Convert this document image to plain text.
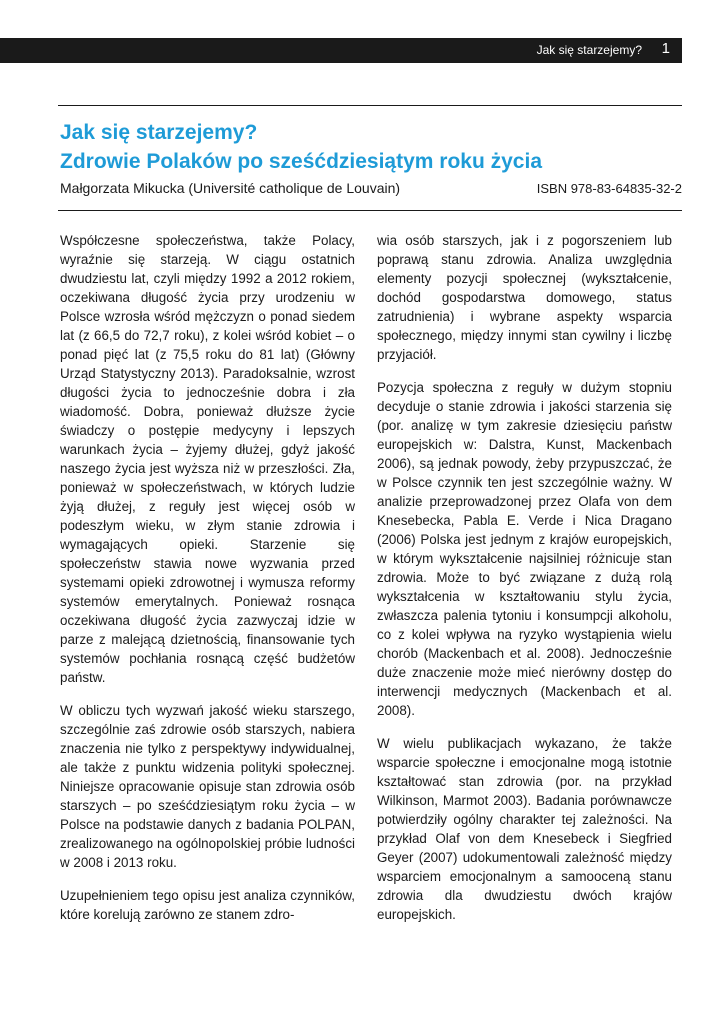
Jak się starzejemy? 1
Jak się starzejemy?
Zdrowie Polaków po sześćdziesiątym roku życia
Małgorzata Mikucka (Université catholique de Louvain)	ISBN 978-83-64835-32-2

Współczesne społeczeństwa, także Polacy, wyraźnie się starzeją. W ciągu ostatnich dwudziestu lat, czyli między 1992 a 2012 rokiem, oczekiwana długość życia przy urodzeniu w Polsce wzrosła wśród mężczyzn o ponad siedem lat (z 66,5 do 72,7 roku), z kolei wśród kobiet – o ponad pięć lat (z 75,5 roku do 81 lat) (Główny Urząd Statystyczny 2013). Paradoksalnie, wzrost długości życia to jednocześnie dobra i zła wiadomość. Dobra, ponieważ dłuższe życie świadczy o postępie medycyny i lepszych warunkach życia – żyjemy dłużej, gdyż jakość naszego życia jest wyższa niż w przeszłości. Zła, ponieważ w społeczeństwach, w których ludzie żyją dłużej, z reguły jest więcej osób w podeszłym wieku, w złym stanie zdrowia i wymagających opieki. Starzenie się społeczeństw stawia nowe wyzwania przed systemami opieki zdrowotnej i wymusza reformy systemów emerytalnych. Ponieważ rosnąca oczekiwana długość życia zazwyczaj idzie w parze z malejącą dzietnością, finansowanie tych systemów pochłania rosnącą część budżetów państw.

W obliczu tych wyzwań jakość wieku starszego, szczególnie zaś zdrowie osób starszych, nabiera znaczenia nie tylko z perspektywy indywidualnej, ale także z punktu widzenia polityki społecznej. Niniejsze opracowanie opisuje stan zdrowia osób starszych – po sześćdziesiątym roku życia – w Polsce na podstawie danych z badania POLPAN, zrealizowanego na ogólnopolskiej próbie ludności w 2008 i 2013 roku.

Uzupełnieniem tego opisu jest analiza czynników, które korelują zarówno ze stanem zdro-

wia osób starszych, jak i z pogorszeniem lub poprawą stanu zdrowia. Analiza uwzględnia elementy pozycji społecznej (wykształcenie, dochód gospodarstwa domowego, status zatrudnienia) i wybrane aspekty wsparcia społecznego, między innymi stan cywilny i liczbę przyjaciół.

Pozycja społeczna z reguły w dużym stopniu decyduje o stanie zdrowia i jakości starzenia się (por. analizę w tym zakresie dziesięciu państw europejskich w: Dalstra, Kunst, Mackenbach 2006), są jednak powody, żeby przypuszczać, że w Polsce czynnik ten jest szczególnie ważny. W analizie przeprowadzonej przez Olafa von dem Knesebecka, Pabla E. Verde i Nica Dragano (2006) Polska jest jednym z krajów europejskich, w którym wykształcenie najsilniej różnicuje stan zdrowia. Może to być związane z dużą rolą wykształcenia w kształtowaniu stylu życia, zwłaszcza palenia tytoniu i konsumpcji alkoholu, co z kolei wpływa na ryzyko wystąpienia wielu chorób (Mackenbach et al. 2008). Jednocześnie duże znaczenie może mieć nierówny dostęp do interwencji medycznych (Mackenbach et al. 2008).

W wielu publikacjach wykazano, że także wsparcie społeczne i emocjonalne mogą istotnie kształtować stan zdrowia (por. na przykład Wilkinson, Marmot 2003). Badania porównawcze potwierdziły ogólny charakter tej zależności. Na przykład Olaf von dem Knesebeck i Siegfried Geyer (2007) udokumentowali zależność między wsparciem emocjonalnym a samooceną stanu zdrowia dla dwudziestu dwóch krajów europejskich.
